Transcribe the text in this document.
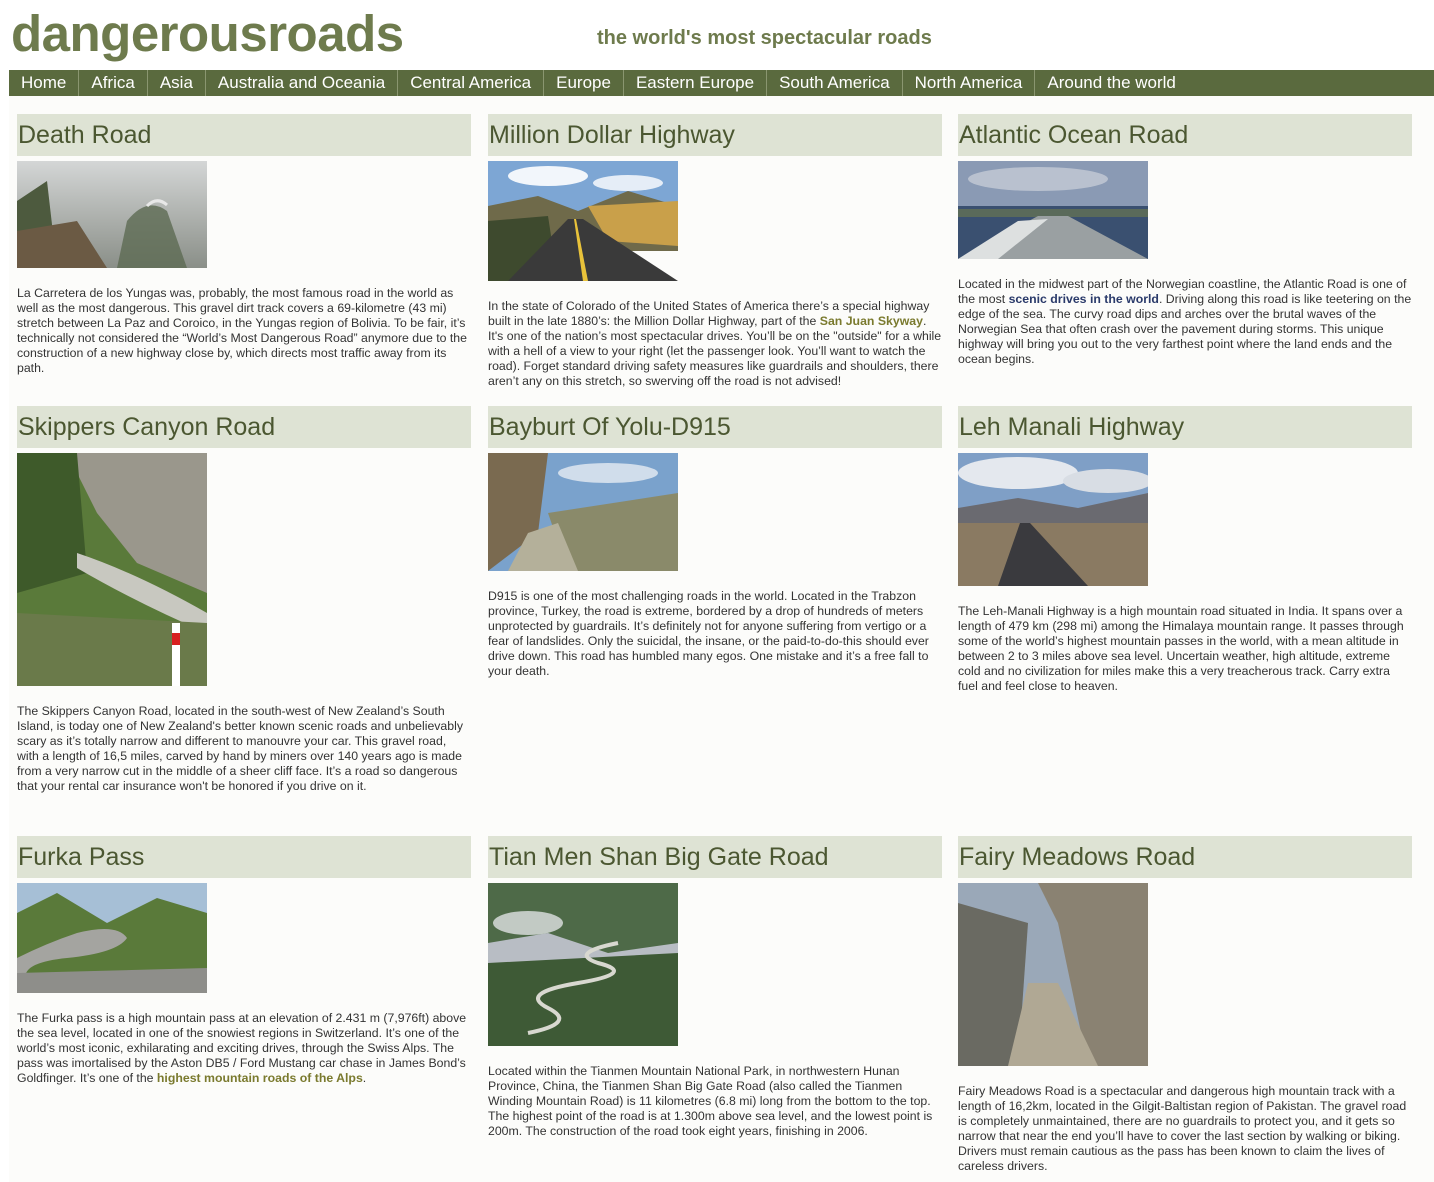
dangerousroads	the world's most spectacular roads
Home	Africa	Asia	Australia and Oceania	Central America	Europe	Eastern Europe	South America	North America	Around the world
Death Road
La Carretera de los Yungas was, probably, the most famous road in the world as well as the most dangerous. This gravel dirt track covers a 69-kilometre (43 mi) stretch between La Paz and Coroico, in the Yungas region of Bolivia. To be fair, it’s technically not considered the “World’s Most Dangerous Road” anymore due to the construction of a new highway close by, which directs most traffic away from its path.
Million Dollar Highway
In the state of Colorado of the United States of America there’s a special highway built in the late 1880’s: the Million Dollar Highway, part of the San Juan Skyway. It's one of the nation’s most spectacular drives. You’ll be on the "outside" for a while with a hell of a view to your right (let the passenger look. You’ll want to watch the road). Forget standard driving safety measures like guardrails and shoulders, there aren’t any on this stretch, so swerving off the road is not advised!
Atlantic Ocean Road
Located in the midwest part of the Norwegian coastline, the Atlantic Road is one of the most scenic drives in the world. Driving along this road is like teetering on the edge of the sea. The curvy road dips and arches over the brutal waves of the Norwegian Sea that often crash over the pavement during storms. This unique highway will bring you out to the very farthest point where the land ends and the ocean begins.
Skippers Canyon Road
The Skippers Canyon Road, located in the south-west of New Zealand’s South Island, is today one of New Zealand's better known scenic roads and unbelievably scary as it’s totally narrow and different to manouvre your car. This gravel road, with a length of 16,5 miles, carved by hand by miners over 140 years ago is made from a very narrow cut in the middle of a sheer cliff face. It’s a road so dangerous that your rental car insurance won't be honored if you drive on it.
Bayburt Of Yolu-D915
D915 is one of the most challenging roads in the world. Located in the Trabzon province, Turkey, the road is extreme, bordered by a drop of hundreds of meters unprotected by guardrails. It’s definitely not for anyone suffering from vertigo or a fear of landslides. Only the suicidal, the insane, or the paid-to-do-this should ever drive down. This road has humbled many egos. One mistake and it’s a free fall to your death.
Leh Manali Highway
The Leh-Manali Highway is a high mountain road situated in India. It spans over a length of 479 km (298 mi) among the Himalaya mountain range. It passes through some of the world’s highest mountain passes in the world, with a mean altitude in between 2 to 3 miles above sea level. Uncertain weather, high altitude, extreme cold and no civilization for miles make this a very treacherous track. Carry extra fuel and feel close to heaven.
Furka Pass
The Furka pass is a high mountain pass at an elevation of 2.431 m (7,976ft) above the sea level, located in one of the snowiest regions in Switzerland. It’s one of the world’s most iconic, exhilarating and exciting drives, through the Swiss Alps. The pass was imortalised by the Aston DB5 / Ford Mustang car chase in James Bond’s Goldfinger. It’s one of the highest mountain roads of the Alps.
Tian Men Shan Big Gate Road
Located within the Tianmen Mountain National Park, in northwestern Hunan Province, China, the Tianmen Shan Big Gate Road (also called the Tianmen Winding Mountain Road) is 11 kilometres (6.8 mi) long from the bottom to the top. The highest point of the road is at 1.300m above sea level, and the lowest point is 200m. The construction of the road took eight years, finishing in 2006.
Fairy Meadows Road
Fairy Meadows Road is a spectacular and dangerous high mountain track with a length of 16,2km, located in the Gilgit-Baltistan region of Pakistan. The gravel road is completely unmaintained, there are no guardrails to protect you, and it gets so narrow that near the end you’ll have to cover the last section by walking or biking. Drivers must remain cautious as the pass has been known to claim the lives of careless drivers.
